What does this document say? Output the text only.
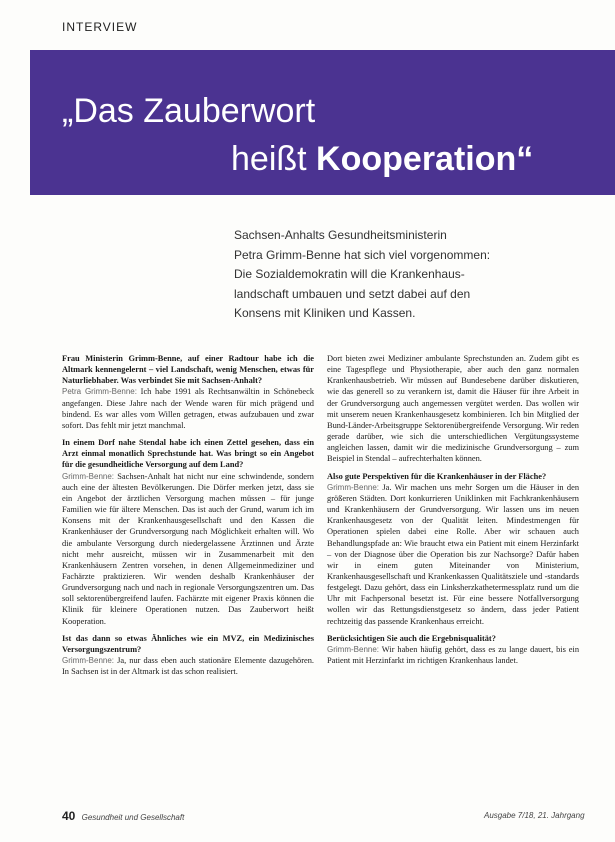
INTERVIEW
„Das Zauberwort
heißt Kooperation“
Sachsen-Anhalts Gesundheitsministerin
Petra Grimm-Benne hat sich viel vorgenommen:
Die Sozialdemokratin will die Krankenhaus-
landschaft umbauen und setzt dabei auf den
Konsens mit Kliniken und Kassen.

Frau Ministerin Grimm-Benne, auf einer Radtour habe ich die Altmark kennengelernt – viel Landschaft, wenig Menschen, etwas für Naturliebhaber. Was verbindet Sie mit Sachsen-Anhalt?
Petra Grimm-Benne: Ich habe 1991 als Rechtsanwältin in Schönebeck angefangen. Diese Jahre nach der Wende waren für mich prägend und bindend. Es war alles vom Willen getragen, etwas aufzubauen und zwar sofort. Das fehlt mir jetzt manchmal.

In einem Dorf nahe Stendal habe ich einen Zettel gesehen, dass ein Arzt einmal monatlich Sprechstunde hat. Was bringt so ein Angebot für die gesundheitliche Versorgung auf dem Land?
Grimm-Benne: Sachsen-Anhalt hat nicht nur eine schwindende, sondern auch eine der ältesten Bevölkerungen. Die Dörfer merken jetzt, dass sie ein Angebot der ärztlichen Versorgung machen müssen – für junge Familien wie für ältere Menschen. Das ist auch der Grund, warum ich im Konsens mit der Krankenhausgesellschaft und den Kassen die Krankenhäuser der Grundversorgung nach Möglichkeit erhalten will. Wo die ambulante Versorgung durch niedergelassene Ärztinnen und Ärzte nicht mehr ausreicht, müssen wir in Zusammenarbeit mit den Krankenhäusern Zentren vorsehen, in denen Allgemeinmediziner und Fachärzte praktizieren. Wir wenden deshalb Krankenhäuser der Grundversorgung nach und nach in regionale Versorgungszentren um. Das soll sektorenübergreifend laufen. Fachärzte mit eigener Praxis können die Klinik für kleinere Operationen nutzen. Das Zauberwort heißt Kooperation.

Ist das dann so etwas Ähnliches wie ein MVZ, ein Medizinisches Versorgungszentrum?
Grimm-Benne: Ja, nur dass eben auch stationäre Elemente dazugehören. In Sachsen ist in der Altmark ist das schon realisiert.

Dort bieten zwei Mediziner ambulante Sprechstunden an. Zudem gibt es eine Tagespflege und Physiotherapie, aber auch den ganz normalen Krankenhausbetrieb. Wir müssen auf Bundesebene darüber diskutieren, wie das generell so zu verankern ist, damit die Häuser für ihre Arbeit in der Grundversorgung auch angemessen vergütet werden. Das wollen wir mit unserem neuen Krankenhausgesetz kombinieren. Ich bin Mitglied der Bund-Länder-Arbeitsgruppe Sektorenübergreifende Versorgung. Wir reden gerade darüber, wie sich die unterschiedlichen Vergütungssysteme angleichen lassen, damit wir die medizinische Grundversorgung – zum Beispiel in Stendal – aufrechterhalten können.

Also gute Perspektiven für die Krankenhäuser in der Fläche?
Grimm-Benne: Ja. Wir machen uns mehr Sorgen um die Häuser in den größeren Städten. Dort konkurrieren Uniklinken mit Fachkrankenhäusern und Krankenhäusern der Grundversorgung. Wir lassen uns im neuen Krankenhausgesetz von der Qualität leiten. Mindestmengen für Operationen spielen dabei eine Rolle. Aber wir schauen auch Behandlungspfade an: Wie braucht etwa ein Patient mit einem Herzinfarkt – von der Diagnose über die Operation bis zur Nachsorge? Dafür haben wir in einem guten Miteinander von Ministerium, Krankenhausgesellschaft und Krankenkassen Qualitätsziele und -standards festgelegt. Dazu gehört, dass ein Linksherzkathetermessplatz rund um die Uhr mit Fachpersonal besetzt ist. Für eine bessere Notfallversorgung wollen wir das Rettungsdienstgesetz so ändern, dass jeder Patient rechtzeitig das passende Krankenhaus erreicht.

Berücksichtigen Sie auch die Ergebnisqualität?
Grimm-Benne: Wir haben häufig gehört, dass es zu lange dauert, bis ein Patient mit Herzinfarkt im richtigen Krankenhaus landet.

40 Gesundheit und Gesellschaft	Ausgabe 7/18, 21. Jahrgang
